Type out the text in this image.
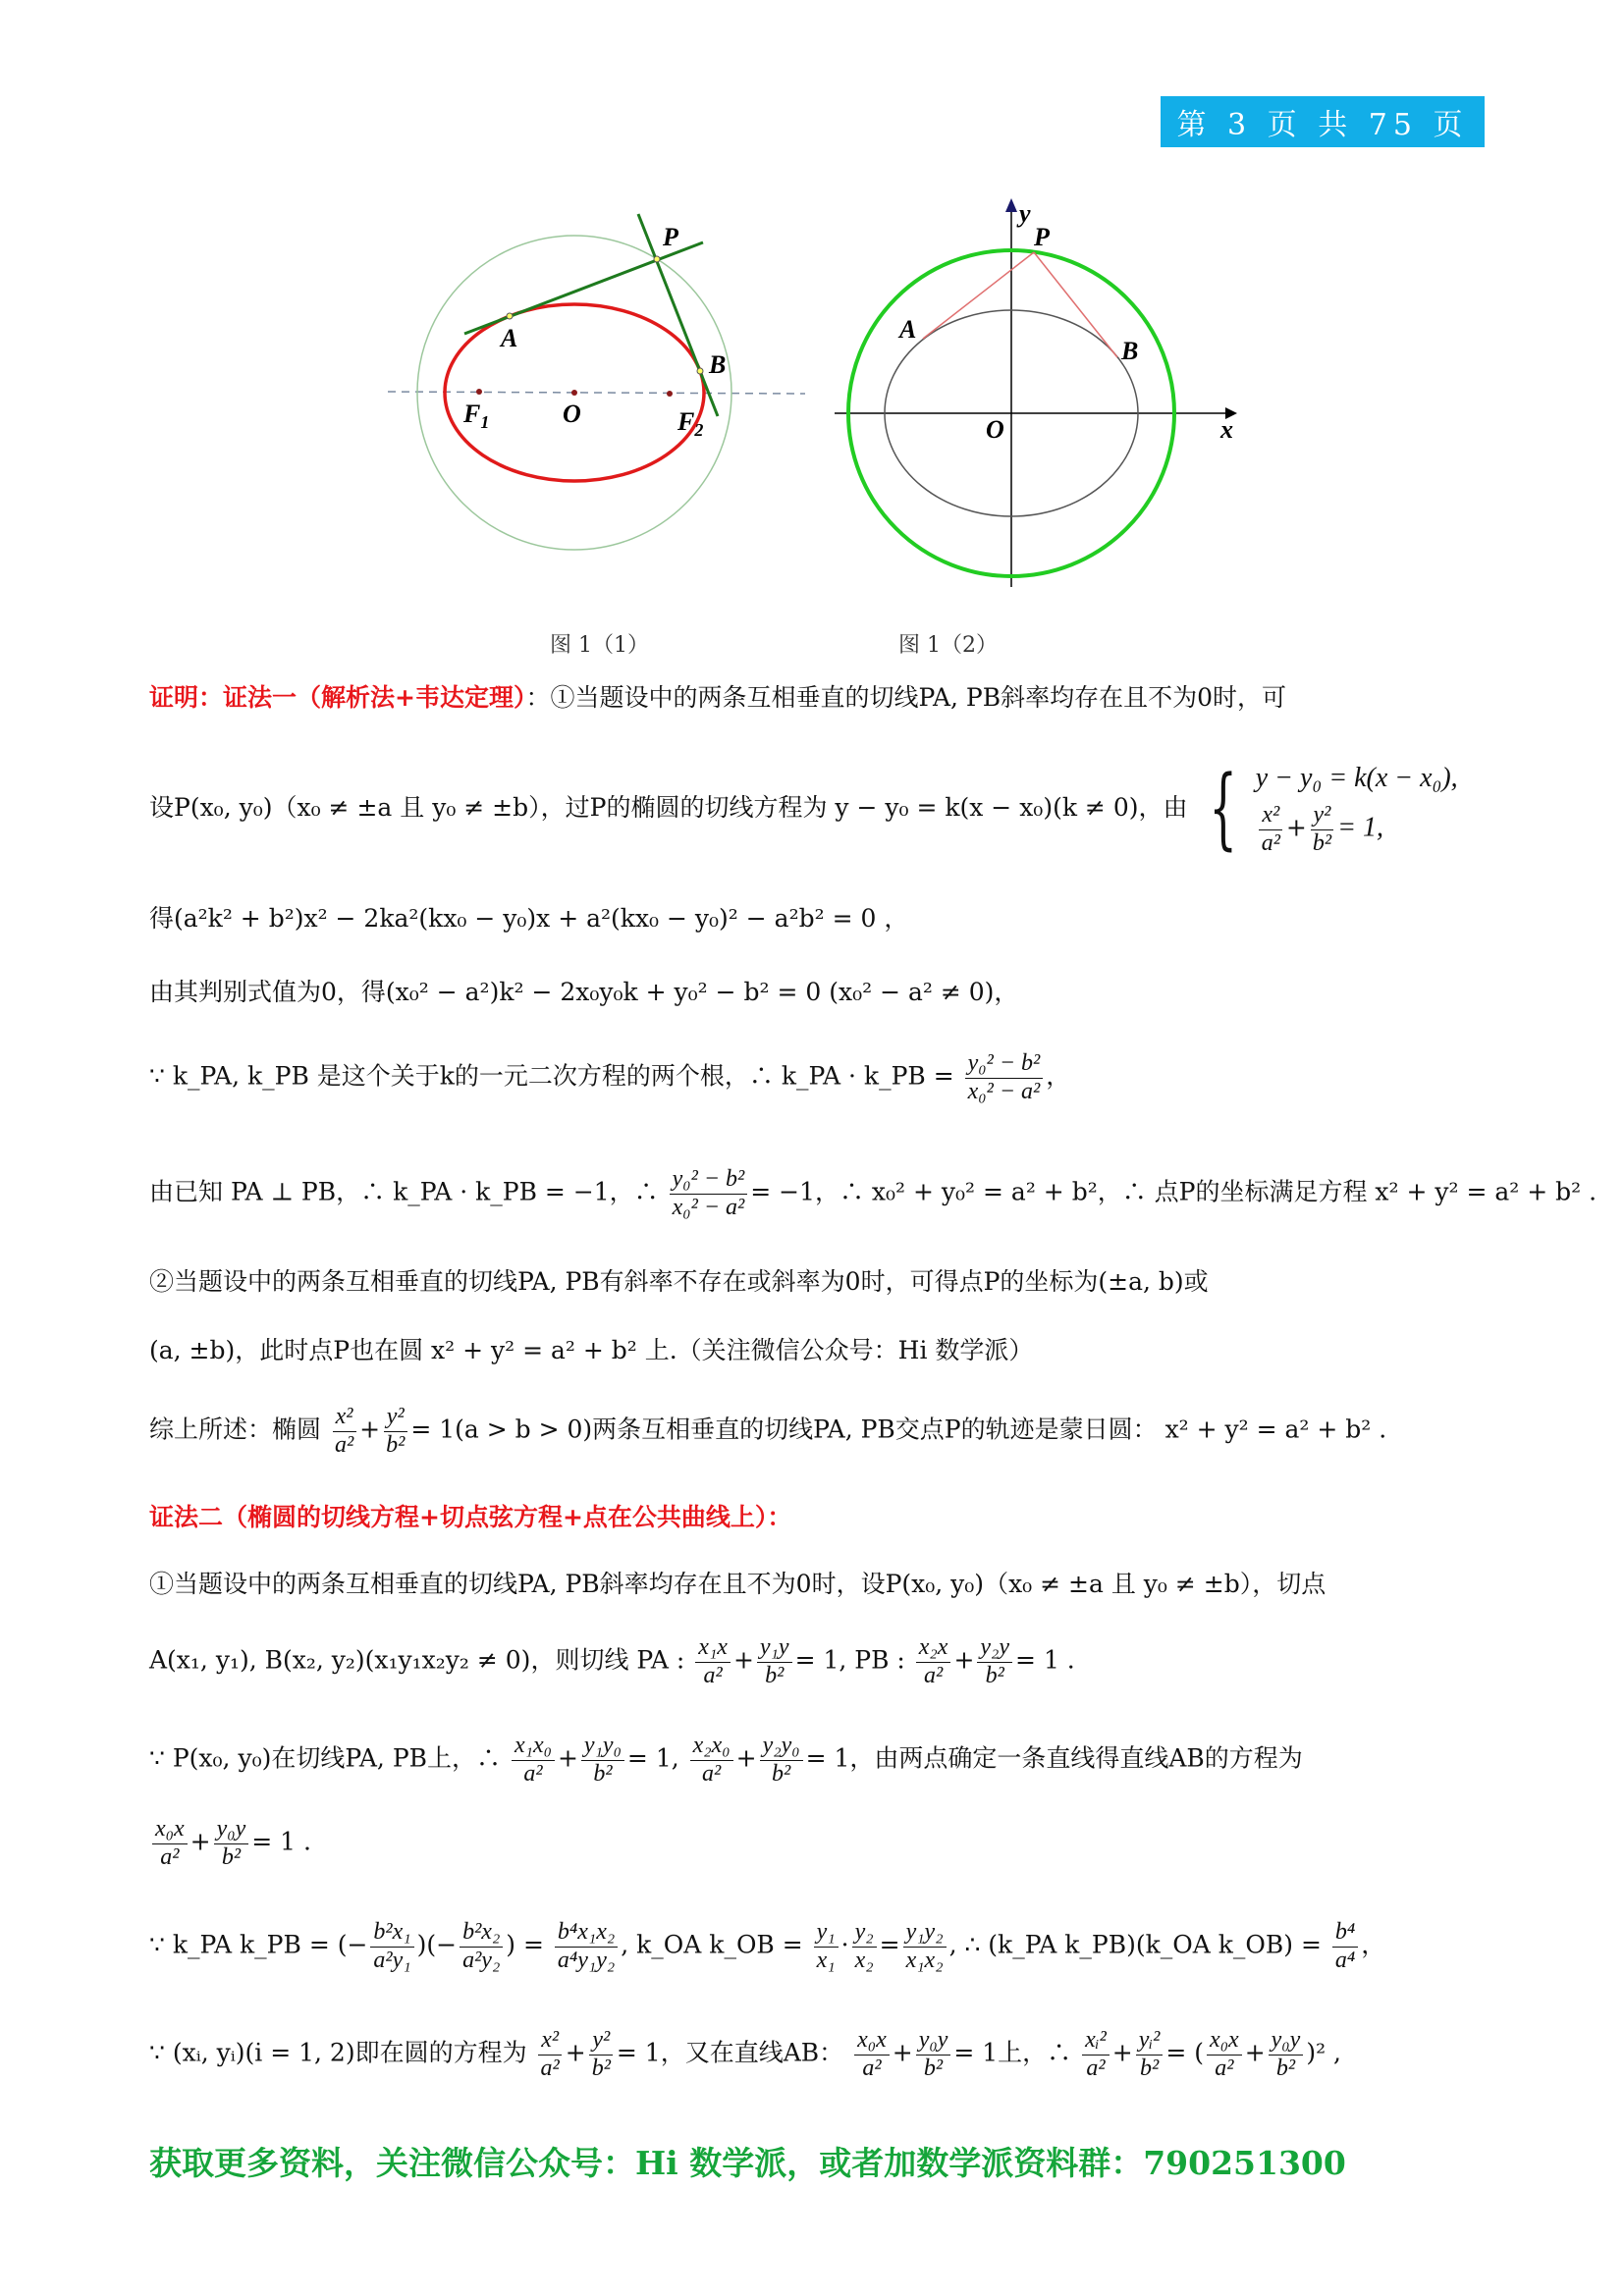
第 3 页 共 75 页
P
A
B
$F_1$	O	$F_2$
图 1（1）
y
P
A
B
O	x
图 1（2）
证明：证法一（解析法+韦达定理）：①当题设中的两条互相垂直的切线PA, PB斜率均存在且不为0时，可
设P(x₀, y₀)（x₀ ≠ ±a 且 y₀ ≠ ±b），过P的椭圆的切线方程为 y − y₀ = k(x − x₀)(k ≠ 0)，由 { y − y₀ = k(x − x₀),
$\frac{\text{x²}}{\text{a²}} + \frac{\text{y²}}{\text{b²}} = 1$,
得(a²k² + b²)x² − 2ka²(kx₀ − y₀)x + a²(kx₀ − y₀)² − a²b² = 0 ，
由其判别式值为0，得(x₀² − a²)k² − 2x₀y₀k + y₀² − b² = 0 (x₀² − a² ≠ 0)，
∵ k_PA, k_PB 是这个关于k的一元二次方程的两个根，∴ k_PA · k_PB = $\frac{\text{y₀² − b²}}{\text{x₀² − a²}}$ ，
由已知 PA ⊥ PB，∴ k_PA · k_PB = −1，∴ $\frac{\text{y₀² − b²}}{\text{x₀² − a²}} = -1$，∴ x₀² + y₀² = a² + b²，∴ 点P的坐标满足方程 x² + y² = a² + b² .
②当题设中的两条互相垂直的切线PA, PB有斜率不存在或斜率为0时，可得点P的坐标为(±a, b)或
(a, ±b)，此时点P也在圆 x² + y² = a² + b² 上.（关注微信公众号：Hi 数学派）
综上所述：椭圆 $\frac{\text{x²}}{\text{a²}} + \frac{\text{y²}}{\text{b²}} = 1(a > b > 0)$两条互相垂直的切线PA, PB交点P的轨迹是蒙日圆： x² + y² = a² + b² .
证法二（椭圆的切线方程+切点弦方程+点在公共曲线上）：
①当题设中的两条互相垂直的切线PA, PB斜率均存在且不为0时，设P(x₀, y₀)（x₀ ≠ ±a 且 y₀ ≠ ±b），切点
A(x₁, y₁), B(x₂, y₂)(x₁y₁x₂y₂ ≠ 0)，则切线 PA : $\frac{\text{x₁x}}{\text{a²}} + \frac{\text{y₁y}}{\text{b²}} = 1$, PB : $\frac{\text{x₂x}}{\text{a²}} + \frac{\text{y₂y}}{\text{b²}} = 1$ .
∵ P(x₀, y₀)在切线PA, PB上，∴ $\frac{\text{x₁x₀}}{\text{a²}} + \frac{\text{y₁y₀}}{\text{b²}} = 1$, $\frac{\text{x₂x₀}}{\text{a²}} + \frac{\text{y₂y₀}}{\text{b²}} = 1$，由两点确定一条直线得直线AB的方程为
$\frac{\text{x₀x}}{\text{a²}} + \frac{\text{y₀y}}{\text{b²}} = 1$ .
∵ k_PA k_PB = (− $\frac{\text{b²x₁}}{\text{a²y₁}}$ )(− $\frac{\text{b²x₂}}{\text{a²y₂}}$ ) = $\frac{\text{b⁴x₁x₂}}{\text{a⁴y₁y₂}}$ , k_OA k_OB = $\frac{\text{y₁}}{\text{x₁}} \cdot \frac{\text{y₂}}{\text{x₂}} = \frac{\text{y₁y₂}}{\text{x₁x₂}}$ , ∴ (k_PA k_PB)(k_OA k_OB) = $\frac{\text{b⁴}}{\text{a⁴}}$ ，
∵ (xᵢ, yᵢ)(i = 1, 2)即在圆的方程为 $\frac{\text{x²}}{\text{a²}} + \frac{\text{y²}}{\text{b²}} = 1$，又在直线AB： $\frac{\text{x₀x}}{\text{a²}} + \frac{\text{y₀y}}{\text{b²}} = 1$上，∴ $\frac{\text{xᵢ²}}{\text{a²}} + \frac{\text{yᵢ²}}{\text{b²}}$ = ( $\frac{\text{x₀x}}{\text{a²}} + \frac{\text{y₀y}}{\text{b²}} )^2$ ,
获取更多资料，关注微信公众号：Hi 数学派，或者加数学派资料群：790251300
